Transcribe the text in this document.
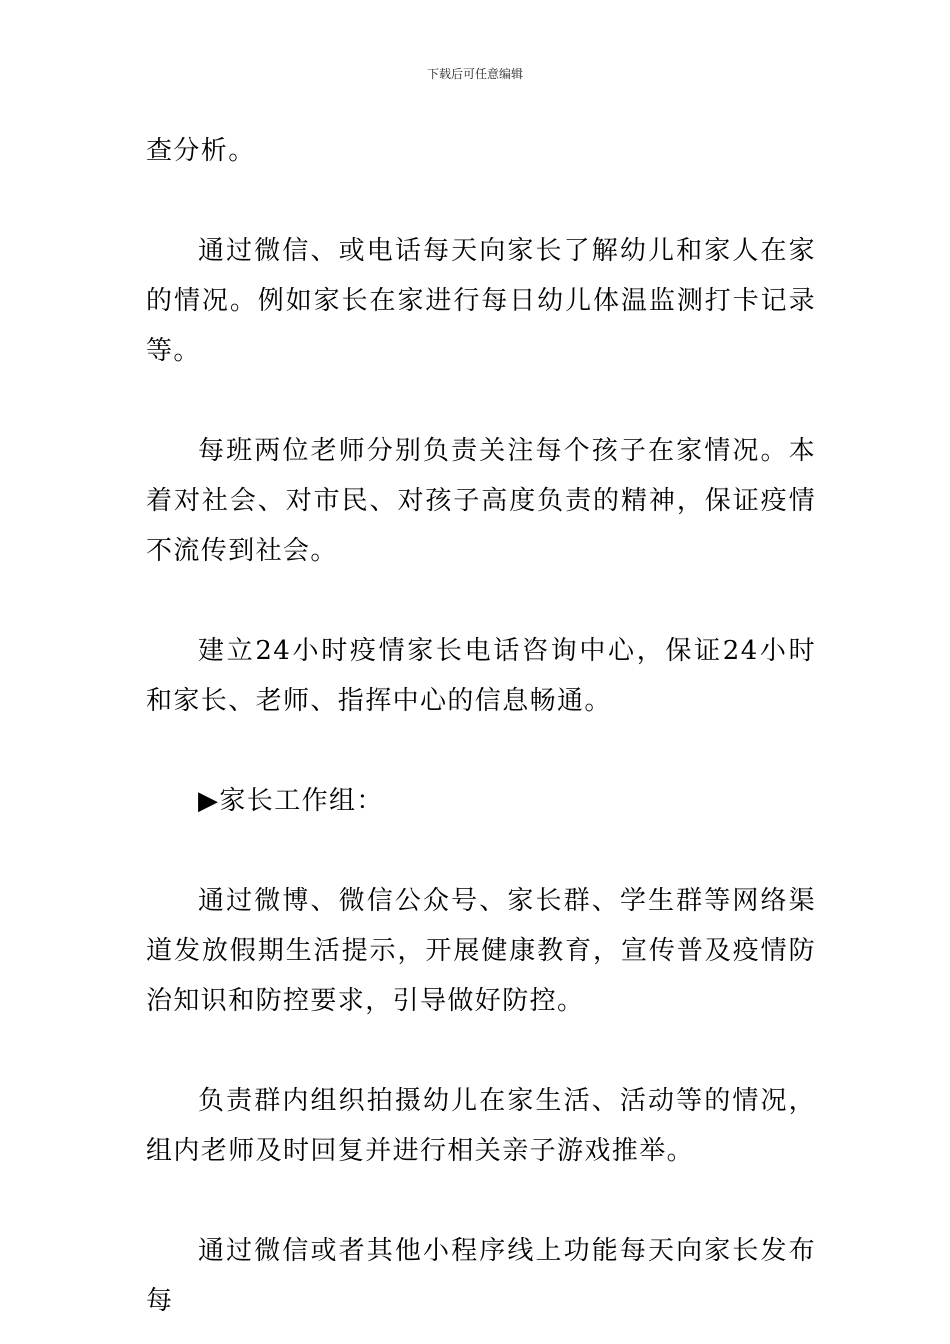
下载后可任意编辑

查分析。

通过微信、或电话每天向家长了解幼儿和家人在家的情况。例如家长在家进行每日幼儿体温监测打卡记录等。

每班两位老师分别负责关注每个孩子在家情况。本着对社会、对市民、对孩子高度负责的精神，保证疫情不流传到社会。

建立24小时疫情家长电话咨询中心，保证24小时和家长、老师、指挥中心的信息畅通。

▶家长工作组：

通过微博、微信公众号、家长群、学生群等网络渠道发放假期生活提示，开展健康教育，宣传普及疫情防治知识和防控要求，引导做好防控。

负责群内组织拍摄幼儿在家生活、活动等的情况，组内老师及时回复并进行相关亲子游戏推举。

通过微信或者其他小程序线上功能每天向家长发布每
